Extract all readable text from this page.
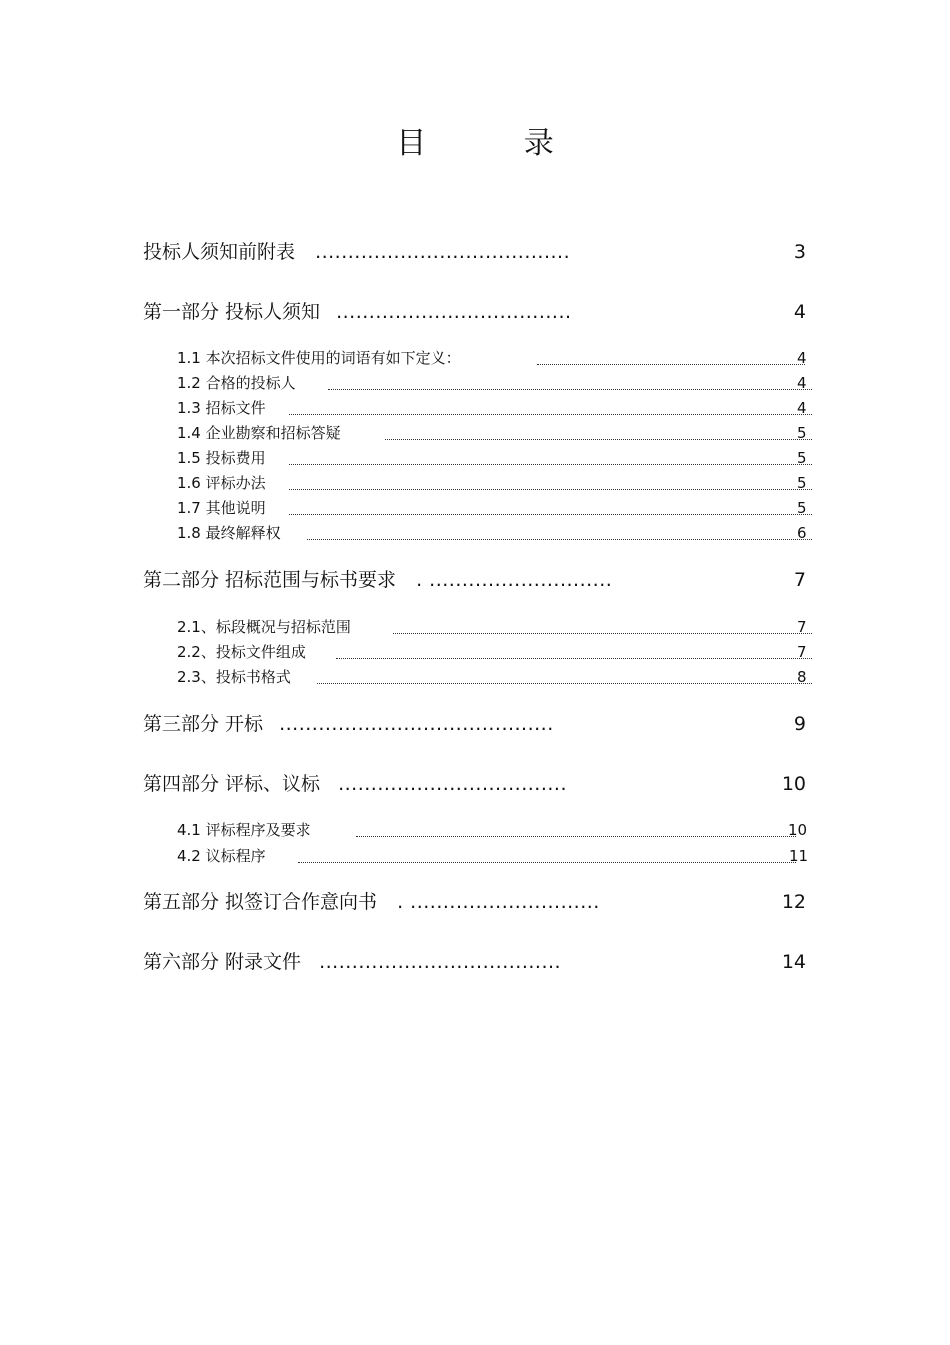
目 录
投标人须知前附表 .......................................	3
第一部分 投标人须知 ....................................	4
1.1 本次招标文件使用的词语有如下定义：	4
1.2 合格的投标人	4
1.3 招标文件	4
1.4 企业勘察和招标答疑	5
1.5 投标费用	5
1.6 评标办法	5
1.7 其他说明	5
1.8 最终解释权	6
第二部分 招标范围与标书要求 . ............................	7
2.1、标段概况与招标范围	7
2.2、投标文件组成	7
2.3、投标书格式	8
第三部分 开标 ..........................................	9
第四部分 评标、议标 ...................................	10
4.1 评标程序及要求	10
4.2 议标程序	11
第五部分 拟签订合作意向书 . .............................	12
第六部分 附录文件 .....................................	14
